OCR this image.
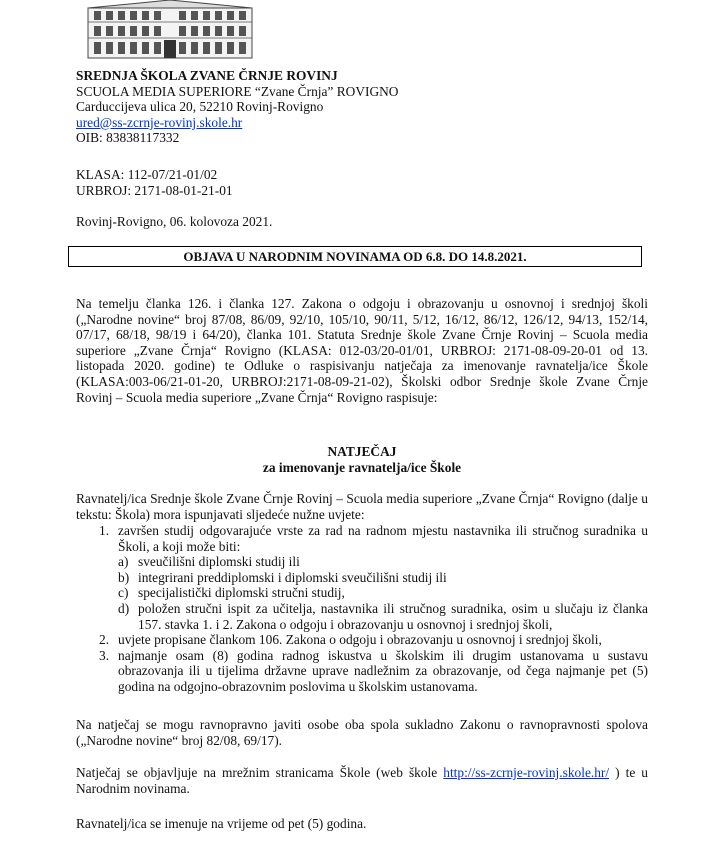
SREDNJA ŠKOLA ZVANE ČRNJE ROVINJ
SCUOLA MEDIA SUPERIORE “Zvane Črnja” ROVIGNO
Carduccijeva ulica 20, 52210 Rovinj-Rovigno
ured@ss-zcrnje-rovinj.skole.hr
OIB: 83838117332
KLASA: 112-07/21-01/02
URBROJ: 2171-08-01-21-01
Rovinj-Rovigno, 06. kolovoza 2021.
OBJAVA U NARODNIM NOVINAMA OD 6.8. DO 14.8.2021.
Na temelju članka 126. i članka 127. Zakona o odgoju i obrazovanju u osnovnoj i srednjoj školi („Narodne novine“ broj 87/08, 86/09, 92/10, 105/10, 90/11, 5/12, 16/12, 86/12, 126/12, 94/13, 152/14, 07/17, 68/18, 98/19 i 64/20), članka 101. Statuta Srednje škole Zvane Črnje Rovinj – Scuola media superiore „Zvane Črnja“ Rovigno (KLASA: 012-03/20-01/01, URBROJ: 2171-08-09-20-01 od 13. listopada 2020. godine) te Odluke o raspisivanju natječaja za imenovanje ravnatelja/ice Škole (KLASA:003-06/21-01-20, URBROJ:2171-08-09-21-02), Školski odbor Srednje škole Zvane Črnje Rovinj – Scuola media superiore „Zvane Črnja“ Rovigno raspisuje:
NATJEČAJ
za imenovanje ravnatelja/ice Škole
Ravnatelj/ica Srednje škole Zvane Črnje Rovinj – Scuola media superiore „Zvane Črnja“ Rovigno (dalje u tekstu: Škola) mora ispunjavati sljedeće nužne uvjete:
1. završen studij odgovarajuće vrste za rad na radnom mjestu nastavnika ili stručnog suradnika u Školi, a koji može biti:
a) sveučilišni diplomski studij ili
b) integrirani preddiplomski i diplomski sveučilišni studij ili
c) specijalistički diplomski stručni studij,
d) položen stručni ispit za učitelja, nastavnika ili stručnog suradnika, osim u slučaju iz članka 157. stavka 1. i 2. Zakona o odgoju i obrazovanju u osnovnoj i srednjoj školi,
2. uvjete propisane člankom 106. Zakona o odgoju i obrazovanju u osnovnoj i srednjoj školi,
3. najmanje osam (8) godina radnog iskustva u školskim ili drugim ustanovama u sustavu obrazovanja ili u tijelima državne uprave nadležnim za obrazovanje, od čega najmanje pet (5) godina na odgojno-obrazovnim poslovima u školskim ustanovama.
Na natječaj se mogu ravnopravno javiti osobe oba spola sukladno Zakonu o ravnopravnosti spolova („Narodne novine“ broj 82/08, 69/17).
Natječaj se objavljuje na mrežnim stranicama Škole (web škole http://ss-zcrnje-rovinj.skole.hr/ ) te u Narodnim novinama.
Ravnatelj/ica se imenuje na vrijeme od pet (5) godina.
